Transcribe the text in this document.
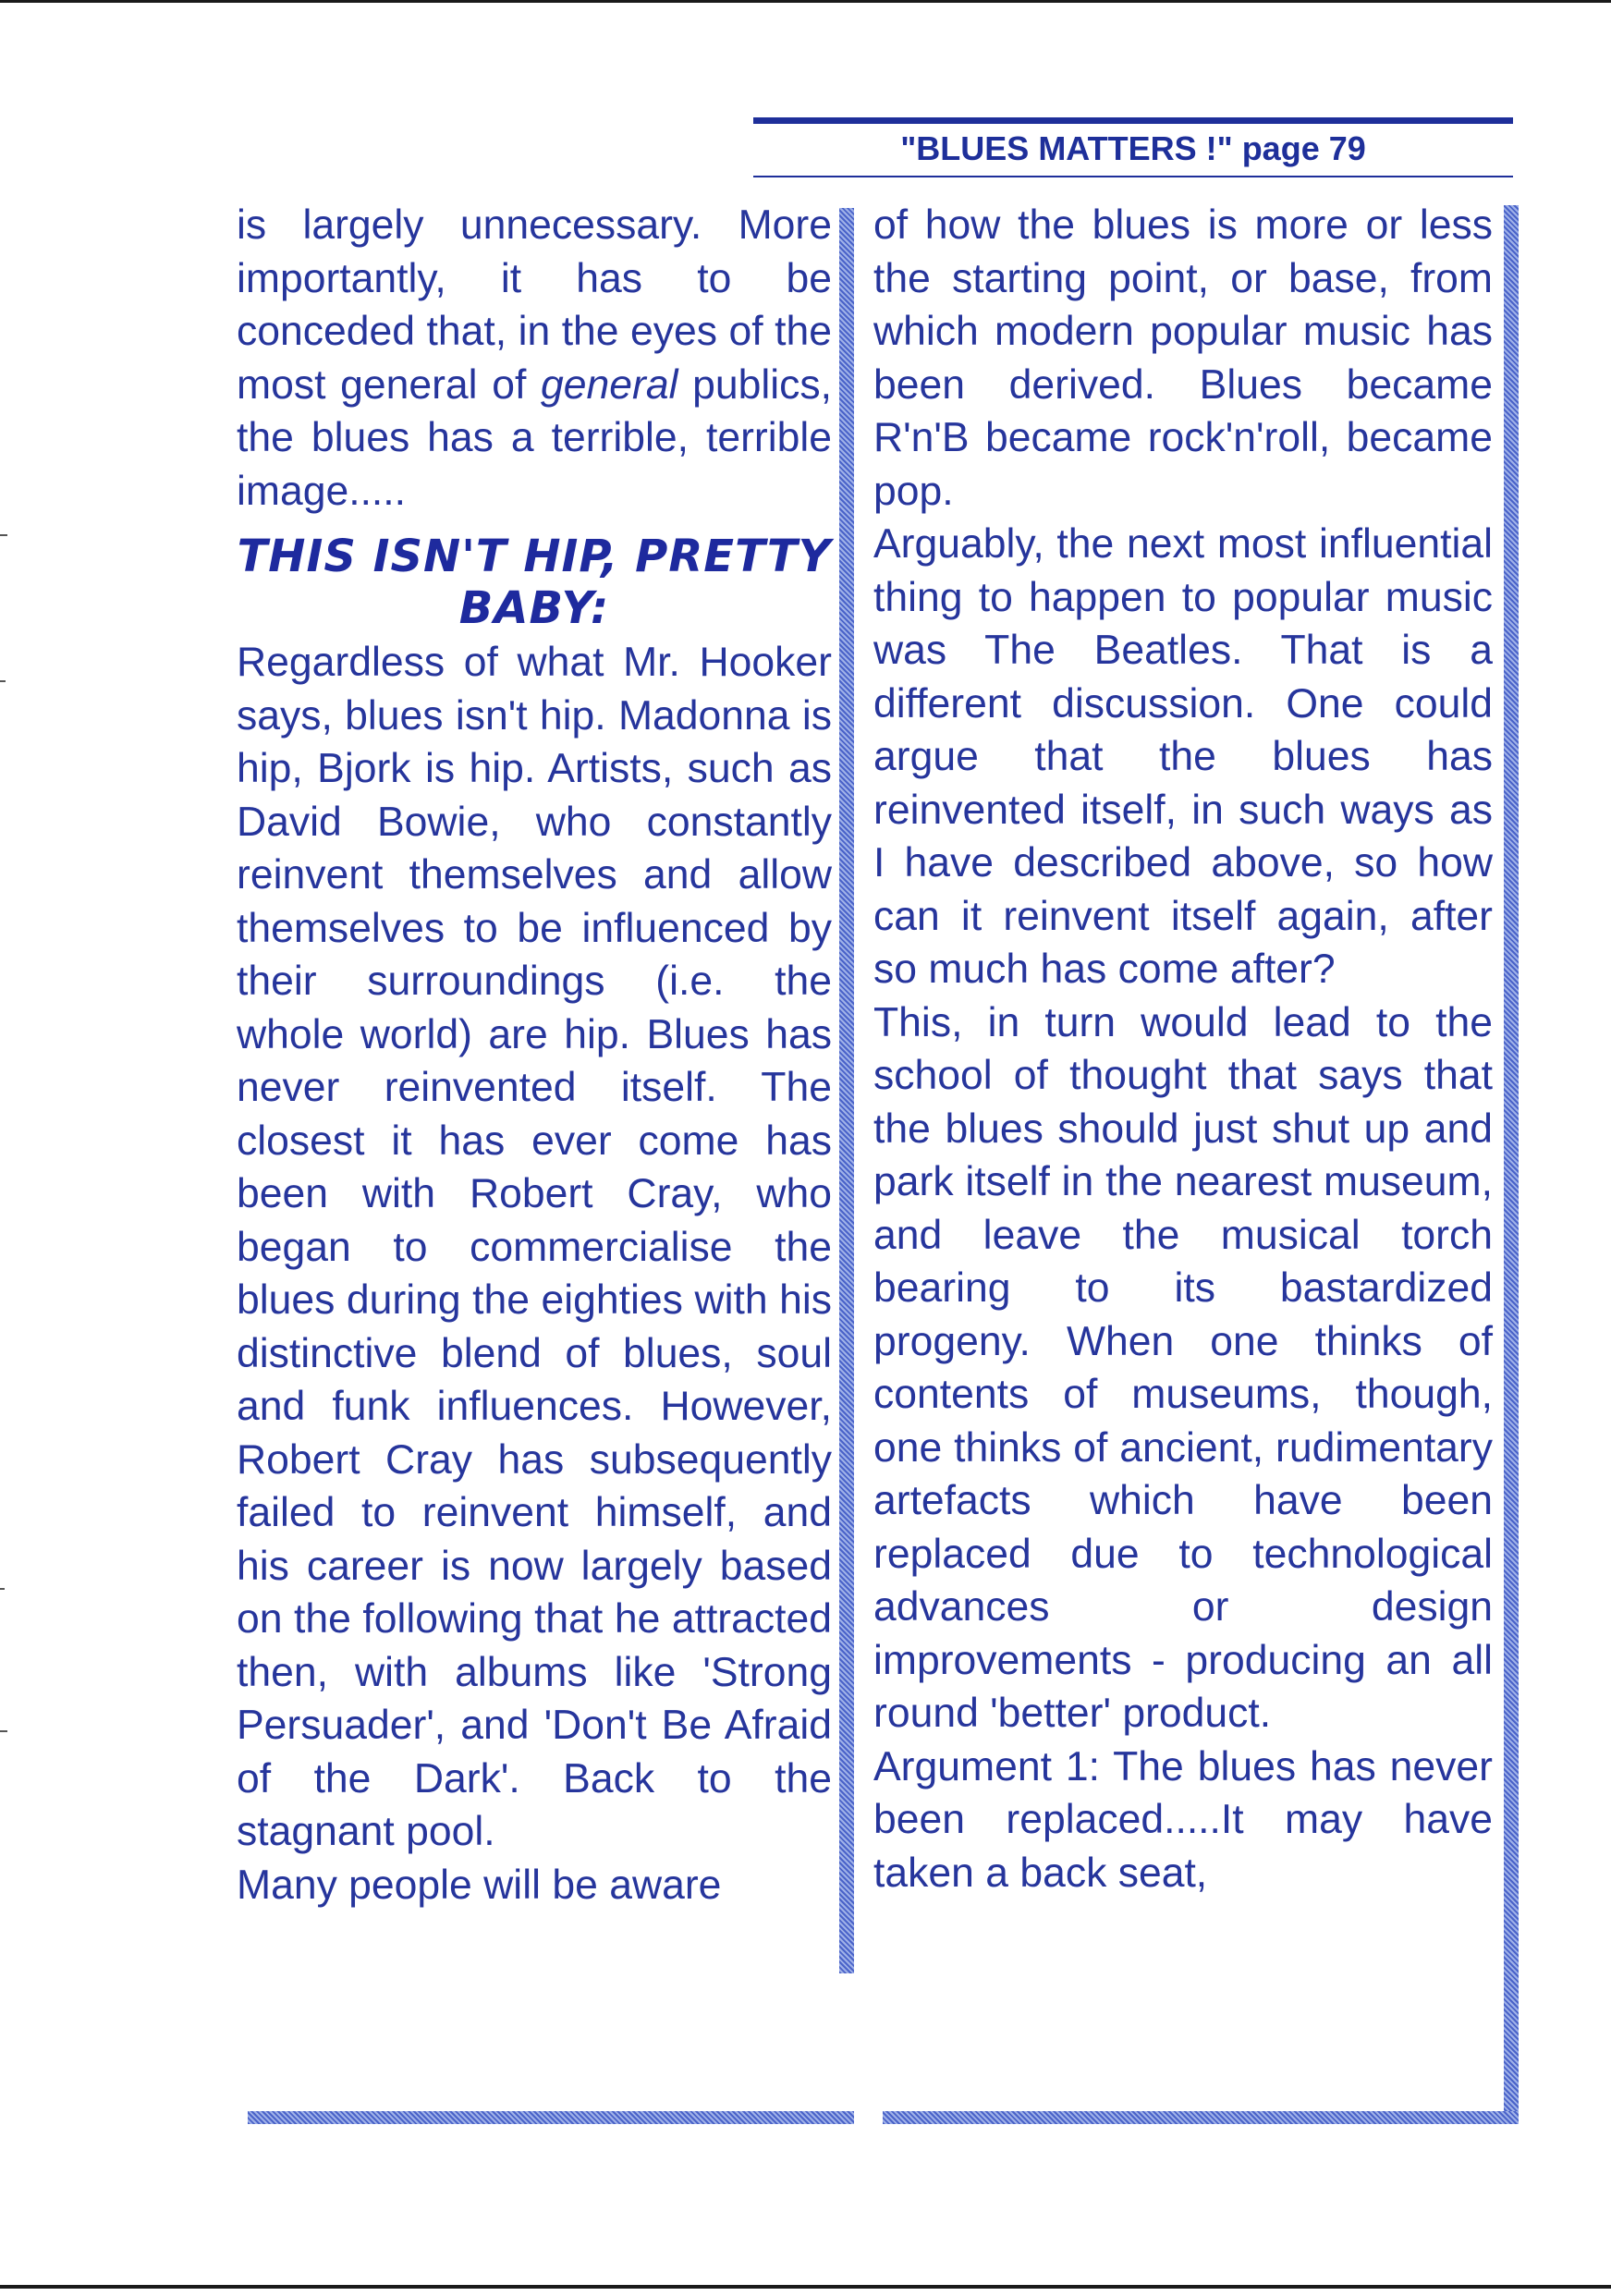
"BLUES MATTERS !" page 79

is largely unnecessary. More importantly, it has to be conceded that, in the eyes of the most general of general publics, the blues has a terrible, terrible image.....

THIS ISN'T HIP, PRETTY BABY:

Regardless of what Mr. Hooker says, blues isn't hip. Madonna is hip, Bjork is hip. Artists, such as David Bowie, who constantly reinvent themselves and allow themselves to be influenced by their surroundings (i.e. the whole world) are hip. Blues has never reinvented itself. The closest it has ever come has been with Robert Cray, who began to commercialise the blues during the eighties with his distinctive blend of blues, soul and funk influences. However, Robert Cray has subsequently failed to reinvent himself, and his career is now largely based on the following that he attracted then, with albums like 'Strong Persuader', and 'Don't Be Afraid of the Dark'. Back to the stagnant pool.

Many people will be aware

of how the blues is more or less the starting point, or base, from which modern popular music has been derived. Blues became R'n'B became rock'n'roll, became pop.

Arguably, the next most influential thing to happen to popular music was The Beatles. That is a different discussion. One could argue that the blues has reinvented itself, in such ways as I have described above, so how can it reinvent itself again, after so much has come after?

This, in turn would lead to the school of thought that says that the blues should just shut up and park itself in the nearest museum, and leave the musical torch bearing to its bastardized progeny. When one thinks of contents of museums, though, one thinks of ancient, rudimentary artefacts which have been replaced due to technological advances or design improvements - producing an all round 'better' product.

Argument 1: The blues has never been replaced.....It may have taken a back seat,
